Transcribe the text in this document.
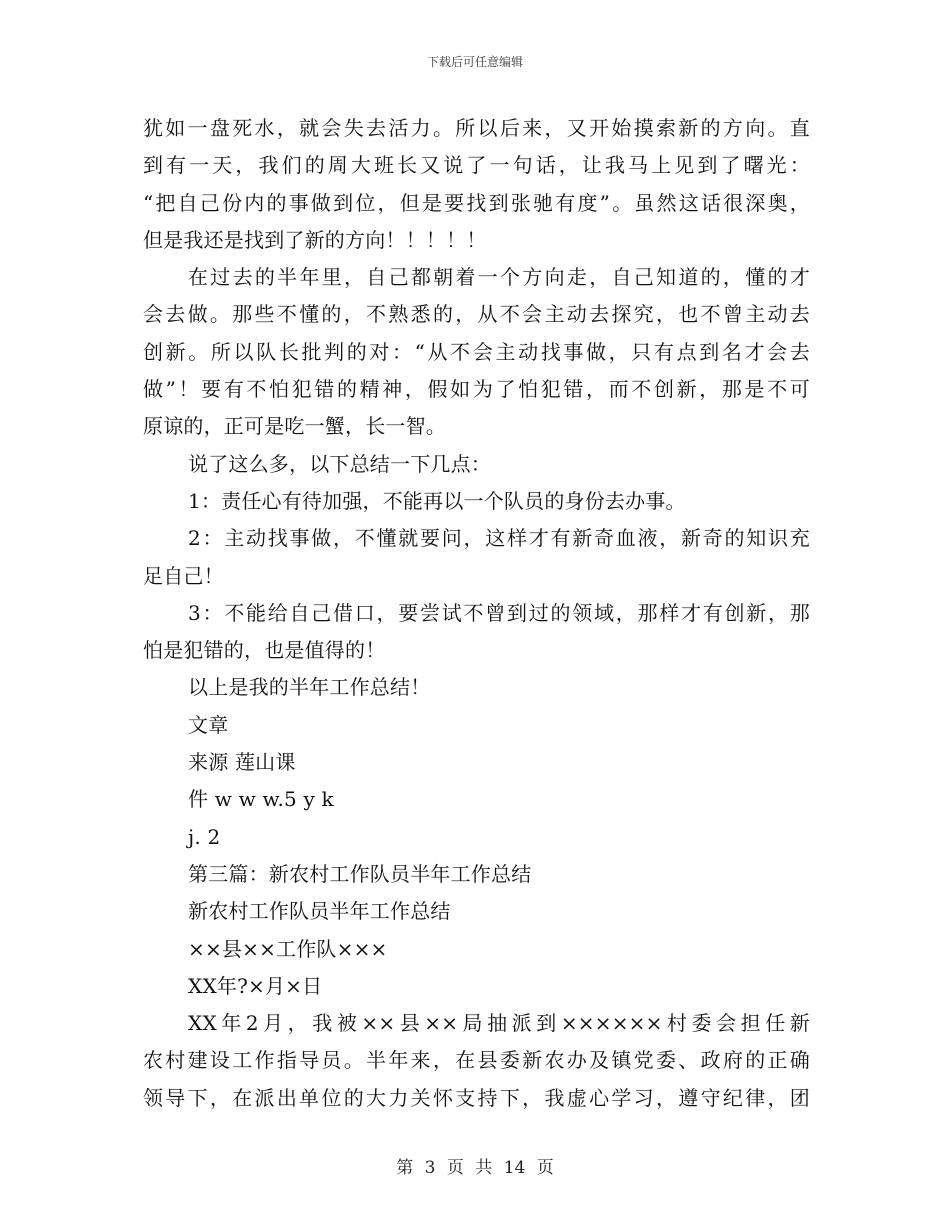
下载后可任意编辑
犹如一盘死水，就会失去活力。所以后来，又开始摸索新的方向。直
到有一天，我们的周大班长又说了一句话，让我马上见到了曙光：
“把自己份内的事做到位，但是要找到张驰有度”。虽然这话很深奥，
但是我还是找到了新的方向！！！！！
在过去的半年里，自己都朝着一个方向走，自己知道的，懂的才
会去做。那些不懂的，不熟悉的，从不会主动去探究，也不曾主动去
创新。所以队长批判的对：“从不会主动找事做，只有点到名才会去
做”！要有不怕犯错的精神，假如为了怕犯错，而不创新，那是不可
原谅的，正可是吃一蟹，长一智。
说了这么多，以下总结一下几点：
1：责任心有待加强，不能再以一个队员的身份去办事。
2：主动找事做，不懂就要问，这样才有新奇血液，新奇的知识充
足自己！
3：不能给自己借口，要尝试不曾到过的领域，那样才有创新，那
怕是犯错的，也是值得的！
以上是我的半年工作总结！
文章
来源 莲山课
件 w w w.5 y k
j. 2
第三篇：新农村工作队员半年工作总结
新农村工作队员半年工作总结
××县××工作队×××
XX年?×月×日
XX年2月，我被××县××局抽派到××××××村委会担任新
农村建设工作指导员。半年来，在县委新农办及镇党委、政府的正确
领导下，在派出单位的大力关怀支持下，我虚心学习，遵守纪律，团
第 3 页 共 14 页
